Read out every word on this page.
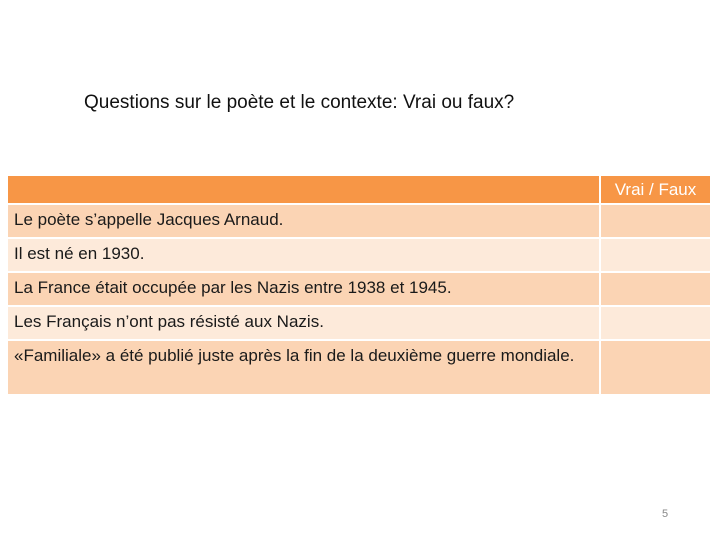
Questions sur le poète et le contexte: Vrai ou faux?
	Vrai / Faux
Le poète s’appelle Jacques Arnaud.	
Il est né en 1930.	
La France était occupée par les Nazis entre 1938 et 1945.	
Les Français n’ont pas résisté aux Nazis.	
«Familiale» a été publié juste après la fin de la deuxième guerre mondiale.	
5
